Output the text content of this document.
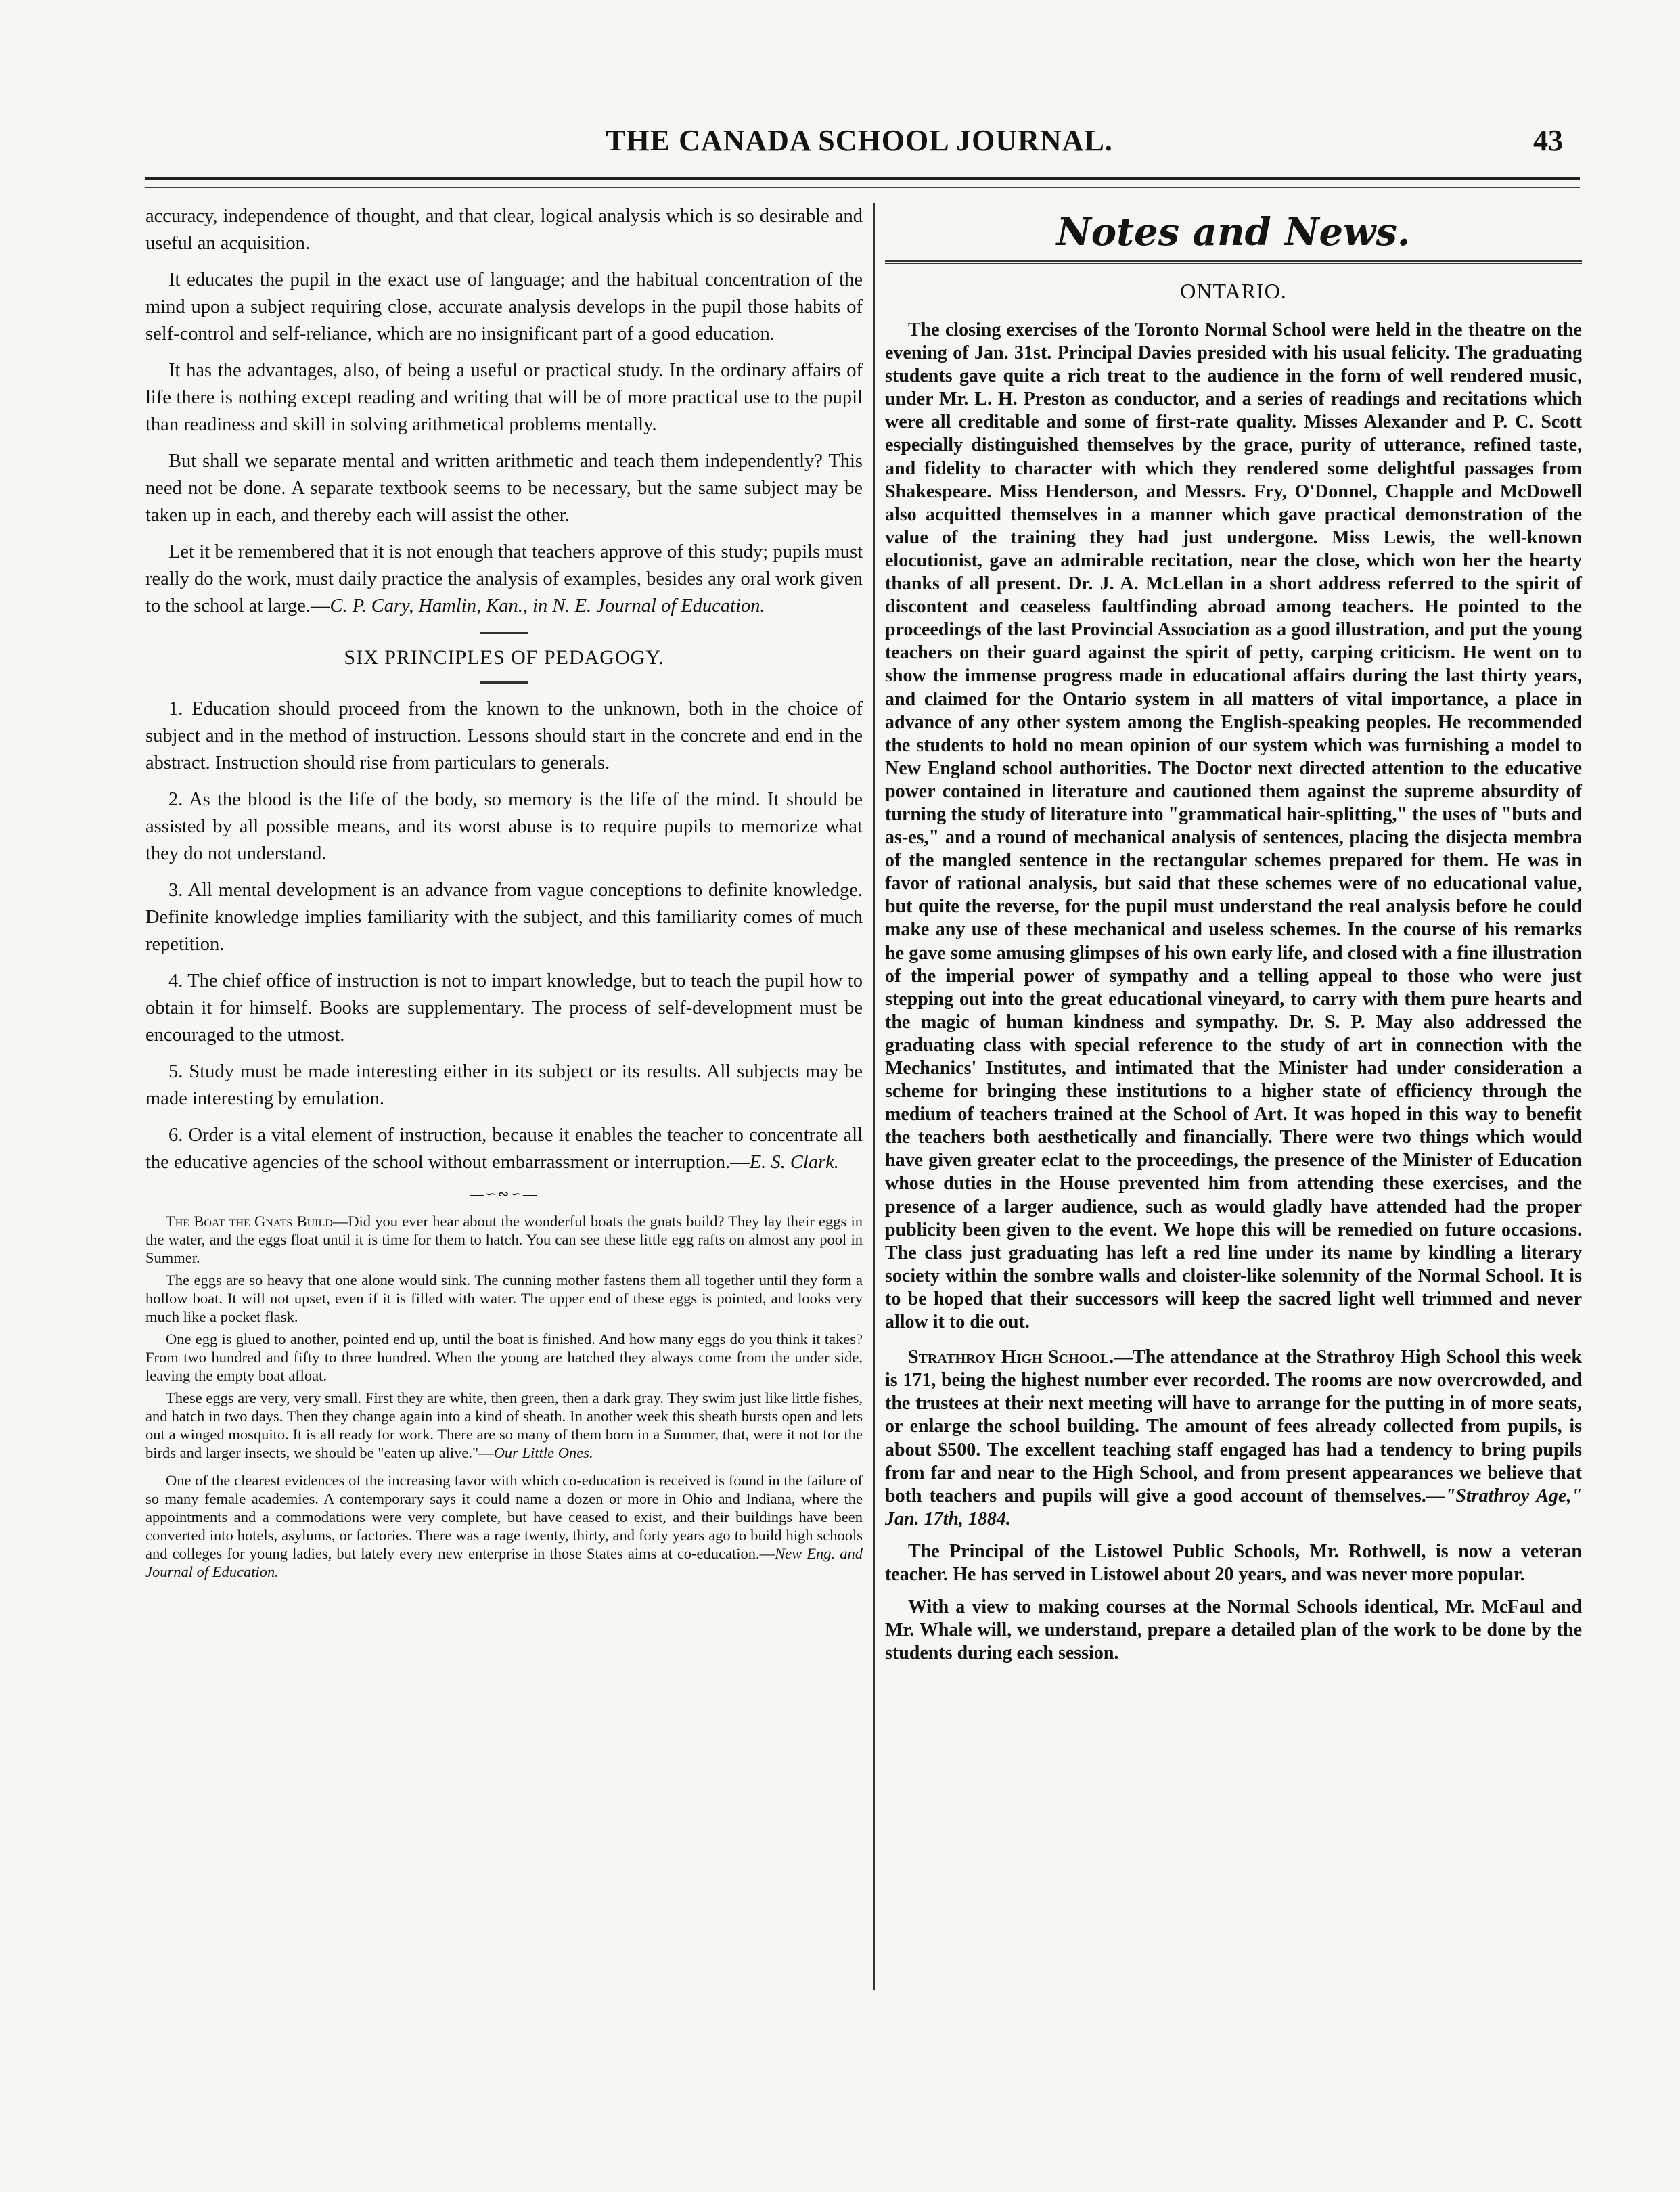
THE CANADA SCHOOL JOURNAL.	43

accuracy, independence of thought, and that clear, logical analysis which is so desirable and useful an acquisition.

It educates the pupil in the exact use of language; and the habitual concentration of the mind upon a subject requiring close, accurate analysis develops in the pupil those habits of self-control and self-reliance, which are no insignificant part of a good education.

It has the advantages, also, of being a useful or practical study. In the ordinary affairs of life there is nothing except reading and writing that will be of more practical use to the pupil than readiness and skill in solving arithmetical problems mentally.

But shall we separate mental and written arithmetic and teach them independently? This need not be done. A separate textbook seems to be necessary, but the same subject may be taken up in each, and thereby each will assist the other.

Let it be remembered that it is not enough that teachers approve of this study; pupils must really do the work, must daily practice the analysis of examples, besides any oral work given to the school at large.—C. P. Cary, Hamlin, Kan., in N. E. Journal of Education.

SIX PRINCIPLES OF PEDAGOGY.

1. Education should proceed from the known to the unknown, both in the choice of subject and in the method of instruction. Lessons should start in the concrete and end in the abstract. Instruction should rise from particulars to generals.

2. As the blood is the life of the body, so memory is the life of the mind. It should be assisted by all possible means, and its worst abuse is to require pupils to memorize what they do not understand.

3. All mental development is an advance from vague conceptions to definite knowledge. Definite knowledge implies familiarity with the subject, and this familiarity comes of much repetition.

4. The chief office of instruction is not to impart knowledge, but to teach the pupil how to obtain it for himself. Books are supplementary. The process of self-development must be encouraged to the utmost.

5. Study must be made interesting either in its subject or its results. All subjects may be made interesting by emulation.

6. Order is a vital element of instruction, because it enables the teacher to concentrate all the educative agencies of the school without embarrassment or interruption.—E. S. Clark.

—∽∾∽—

The Boat the Gnats Build—Did you ever hear about the wonderful boats the gnats build? They lay their eggs in the water, and the eggs float until it is time for them to hatch. You can see these little egg rafts on almost any pool in Summer.

The eggs are so heavy that one alone would sink. The cunning mother fastens them all together until they form a hollow boat. It will not upset, even if it is filled with water. The upper end of these eggs is pointed, and looks very much like a pocket flask.

One egg is glued to another, pointed end up, until the boat is finished. And how many eggs do you think it takes? From two hundred and fifty to three hundred. When the young are hatched they always come from the under side, leaving the empty boat afloat.

These eggs are very, very small. First they are white, then green, then a dark gray. They swim just like little fishes, and hatch in two days. Then they change again into a kind of sheath. In another week this sheath bursts open and lets out a winged mosquito. It is all ready for work. There are so many of them born in a Summer, that, were it not for the birds and larger insects, we should be "eaten up alive."—Our Little Ones.

One of the clearest evidences of the increasing favor with which co-education is received is found in the failure of so many female academies. A contemporary says it could name a dozen or more in Ohio and Indiana, where the appointments and a commodations were very complete, but have ceased to exist, and their buildings have been converted into hotels, asylums, or factories. There was a rage twenty, thirty, and forty years ago to build high schools and colleges for young ladies, but lately every new enterprise in those States aims at co-education.—New Eng. and Journal of Education.

Notes and News.
ONTARIO.

The closing exercises of the Toronto Normal School were held in the theatre on the evening of Jan. 31st. Principal Davies presided with his usual felicity. The graduating students gave quite a rich treat to the audience in the form of well rendered music, under Mr. L. H. Preston as conductor, and a series of readings and recitations which were all creditable and some of first-rate quality. Misses Alexander and P. C. Scott especially distinguished themselves by the grace, purity of utterance, refined taste, and fidelity to character with which they rendered some delightful passages from Shakespeare. Miss Henderson, and Messrs. Fry, O'Donnel, Chapple and McDowell also acquitted themselves in a manner which gave practical demonstration of the value of the training they had just undergone. Miss Lewis, the well-known elocutionist, gave an admirable recitation, near the close, which won her the hearty thanks of all present. Dr. J. A. McLellan in a short address referred to the spirit of discontent and ceaseless faultfinding abroad among teachers. He pointed to the proceedings of the last Provincial Association as a good illustration, and put the young teachers on their guard against the spirit of petty, carping criticism. He went on to show the immense progress made in educational affairs during the last thirty years, and claimed for the Ontario system in all matters of vital importance, a place in advance of any other system among the English-speaking peoples. He recommended the students to hold no mean opinion of our system which was furnishing a model to New England school authorities. The Doctor next directed attention to the educative power contained in literature and cautioned them against the supreme absurdity of turning the study of literature into "grammatical hair-splitting," the uses of "buts and as-es," and a round of mechanical analysis of sentences, placing the disjecta membra of the mangled sentence in the rectangular schemes prepared for them. He was in favor of rational analysis, but said that these schemes were of no educational value, but quite the reverse, for the pupil must understand the real analysis before he could make any use of these mechanical and useless schemes. In the course of his remarks he gave some amusing glimpses of his own early life, and closed with a fine illustration of the imperial power of sympathy and a telling appeal to those who were just stepping out into the great educational vineyard, to carry with them pure hearts and the magic of human kindness and sympathy. Dr. S. P. May also addressed the graduating class with special reference to the study of art in connection with the Mechanics' Institutes, and intimated that the Minister had under consideration a scheme for bringing these institutions to a higher state of efficiency through the medium of teachers trained at the School of Art. It was hoped in this way to benefit the teachers both aesthetically and financially. There were two things which would have given greater eclat to the proceedings, the presence of the Minister of Education whose duties in the House prevented him from attending these exercises, and the presence of a larger audience, such as would gladly have attended had the proper publicity been given to the event. We hope this will be remedied on future occasions. The class just graduating has left a red line under its name by kindling a literary society within the sombre walls and cloister-like solemnity of the Normal School. It is to be hoped that their successors will keep the sacred light well trimmed and never allow it to die out.

Strathroy High School.—The attendance at the Strathroy High School this week is 171, being the highest number ever recorded. The rooms are now overcrowded, and the trustees at their next meeting will have to arrange for the putting in of more seats, or enlarge the school building. The amount of fees already collected from pupils, is about $500. The excellent teaching staff engaged has had a tendency to bring pupils from far and near to the High School, and from present appearances we believe that both teachers and pupils will give a good account of themselves.—"Strathroy Age," Jan. 17th, 1884.

The Principal of the Listowel Public Schools, Mr. Rothwell, is now a veteran teacher. He has served in Listowel about 20 years, and was never more popular.

With a view to making courses at the Normal Schools identical, Mr. McFaul and Mr. Whale will, we understand, prepare a detailed plan of the work to be done by the students during each session.
